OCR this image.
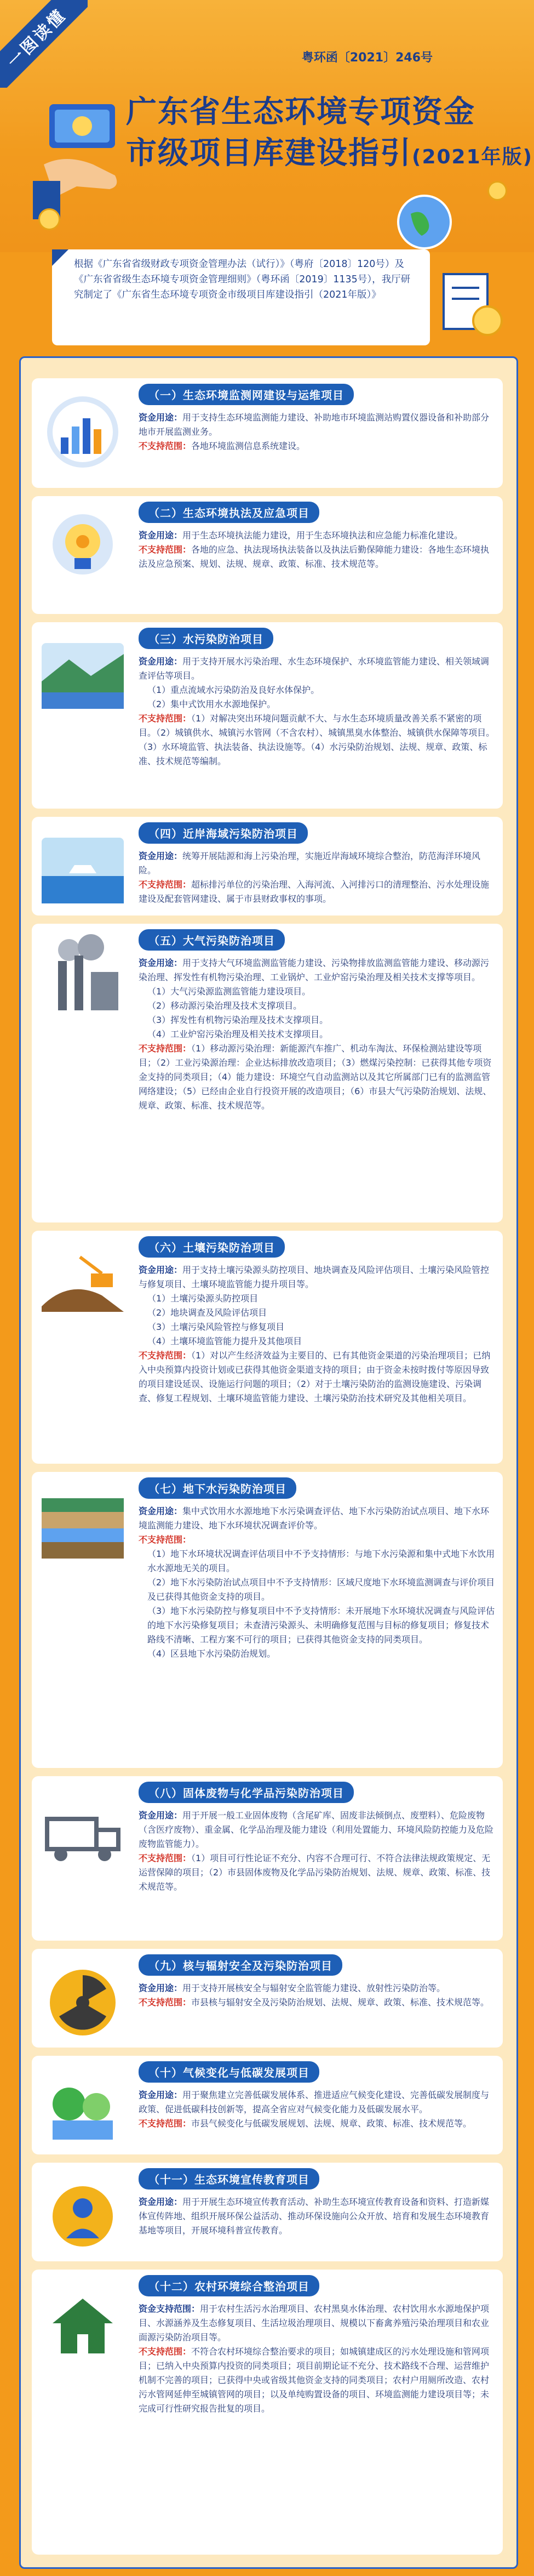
一图读懂	粤环函〔2021〕246号
广东省生态环境专项资金
市级项目库建设指引(2021年版)
根据《广东省省级财政专项资金管理办法（试行）》（粤府〔2018〕120号）及《广东省省级生态环境专项资金管理细则》（粤环函〔2019〕1135号），我厅研究制定了《广东省生态环境专项资金市级项目库建设指引（2021年版）》
（一）生态环境监测网建设与运维项目

资金用途：用于支持生态环境监测能力建设、补助地市环境监测站购置仪器设备和补助部分地市开展监测业务。

不支持范围：各地环境监测信息系统建设。

（二）生态环境执法及应急项目

资金用途：用于生态环境执法能力建设，用于生态环境执法和应急能力标准化建设。

不支持范围：各地的应急、执法现场执法装备以及执法后勤保障能力建设：各地生态环境执法及应急预案、规划、法规、规章、政策、标准、技术规范等。

（三）水污染防治项目

资金用途：用于支持开展水污染治理、水生态环境保护、水环境监管能力建设、相关领域调查评估等项目。

（1）重点流域水污染防治及良好水体保护。

（2）集中式饮用水水源地保护。

不支持范围：（1）对解决突出环境问题贡献不大、与水生态环境质量改善关系不紧密的项目。（2）城镇供水、城镇污水管网（不含农村）、城镇黑臭水体整治、城镇供水保障等项目。（3）水环境监管、执法装备、执法设施等。（4）水污染防治规划、法规、规章、政策、标准、技术规范等编制。

（四）近岸海域污染防治项目

资金用途：统筹开展陆源和海上污染治理，实施近岸海域环境综合整治，防范海洋环境风险。

不支持范围：超标排污单位的污染治理、入海河流、入河排污口的清理整治、污水处理设施建设及配套管网建设、属于市县财政事权的事项。

（五）大气污染防治项目

资金用途：用于支持大气环境监测监管能力建设、污染物排放监测监管能力建设、移动源污染治理、挥发性有机物污染治理、工业锅炉、工业炉窑污染治理及相关技术支撑等项目。

（1）大气污染源监测监管能力建设项目。

（2）移动源污染治理及技术支撑项目。

（3）挥发性有机物污染治理及技术支撑项目。

（4）工业炉窑污染治理及相关技术支撑项目。

不支持范围：（1）移动源污染治理：新能源汽车推广、机动车淘汰、环保检测站建设等项目；（2）工业污染源治理：企业达标排放改造项目；（3）燃煤污染控制：已获得其他专项资金支持的同类项目；（4）能力建设：环境空气自动监测站以及其它所属部门已有的监测监管网络建设；（5）已经由企业自行投资开展的改造项目；（6）市县大气污染防治规划、法规、规章、政策、标准、技术规范等。

（六）土壤污染防治项目

资金用途：用于支持土壤污染源头防控项目、地块调查及风险评估项目、土壤污染风险管控与修复项目、土壤环境监管能力提升项目等。

（1）土壤污染源头防控项目

（2）地块调查及风险评估项目

（3）土壤污染风险管控与修复项目

（4）土壤环境监管能力提升及其他项目

不支持范围：（1）对以产生经济效益为主要目的、已有其他资金渠道的污染治理项目；已纳入中央预算内投资计划或已获得其他资金渠道支持的项目；由于资金未按时拨付等原因导致的项目建设延误、设施运行问题的项目；（2）对于土壤污染防治的监测设施建设、污染调查、修复工程规划、土壤环境监管能力建设、土壤污染防治技术研究及其他相关项目。

（七）地下水污染防治项目

资金用途：集中式饮用水水源地地下水污染调查评估、地下水污染防治试点项目、地下水环境监测能力建设、地下水环境状况调查评价等。

不支持范围：

（1）地下水环境状况调查评估项目中不予支持情形：与地下水污染源和集中式地下水饮用水水源地无关的项目。

（2）地下水污染防治试点项目中不予支持情形：区域尺度地下水环境监测调查与评价项目及已获得其他资金支持的项目。

（3）地下水污染防控与修复项目中不予支持情形：未开展地下水环境状况调查与风险评估的地下水污染修复项目；未查清污染源头、未明确修复范围与目标的修复项目；修复技术路线不清晰、工程方案不可行的项目；已获得其他资金支持的同类项目。

（4）区县地下水污染防治规划。

（八）固体废物与化学品污染防治项目

资金用途：用于开展一般工业固体废物（含尾矿库、固废非法倾倒点、废塑料）、危险废物（含医疗废物）、重金属、化学品治理及能力建设（利用处置能力、环境风险防控能力及危险废物监管能力）。

不支持范围：（1）项目可行性论证不充分、内容不合理可行、不符合法律法规政策规定、无运营保障的项目；（2）市县固体废物及化学品污染防治规划、法规、规章、政策、标准、技术规范等。

（九）核与辐射安全及污染防治项目

资金用途：用于支持开展核安全与辐射安全监管能力建设、放射性污染防治等。

不支持范围：市县核与辐射安全及污染防治规划、法规、规章、政策、标准、技术规范等。

（十）气候变化与低碳发展项目

资金用途：用于聚焦建立完善低碳发展体系、推进适应气候变化建设、完善低碳发展制度与政策、促进低碳科技创新等，提高全省应对气候变化能力及低碳发展水平。

不支持范围：市县气候变化与低碳发展规划、法规、规章、政策、标准、技术规范等。

（十一）生态环境宣传教育项目

资金用途：用于开展生态环境宣传教育活动、补助生态环境宣传教育设备和资料、打造新媒体宣传阵地、组织开展环保公益活动、推动环保设施向公众开放、培育和发展生态环境教育基地等项目，开展环境科普宣传教育。

（十二）农村环境综合整治项目

资金支持范围：用于农村生活污水治理项目、农村黑臭水体治理、农村饮用水水源地保护项目、水源涵养及生态修复项目、生活垃圾治理项目、规模以下畜禽养殖污染治理项目和农业面源污染防治项目等。

不支持范围：不符合农村环境综合整治要求的项目；如城镇建成区的污水处理设施和管网项目；已纳入中央预算内投资的同类项目；项目前期论证不充分、技术路线不合理、运营维护机制不完善的项目；已获得中央或省级其他资金支持的同类项目；农村户用厕所改造、农村污水管网延伸至城镇管网的项目；以及单纯购置设备的项目、环境监测能力建设项目等；未完成可行性研究报告批复的项目。
